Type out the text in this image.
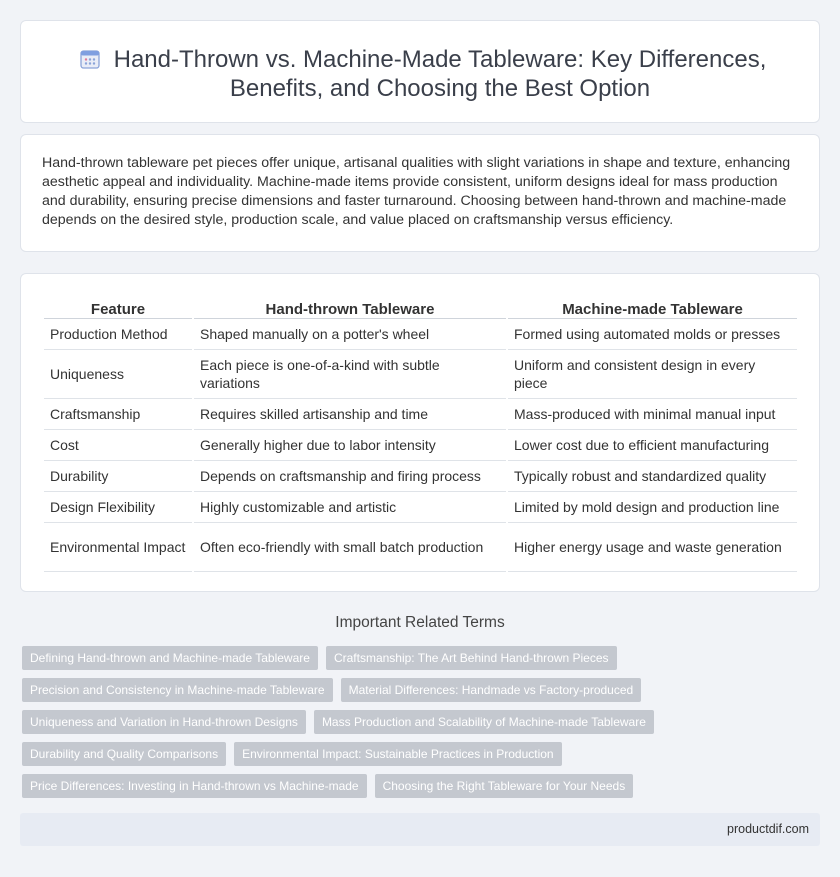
Hand-Thrown vs. Machine-Made Tableware: Key Differences, Benefits, and Choosing the Best Option

Hand-thrown tableware pet pieces offer unique, artisanal qualities with slight variations in shape and texture, enhancing aesthetic appeal and individuality. Machine-made items provide consistent, uniform designs ideal for mass production and durability, ensuring precise dimensions and faster turnaround. Choosing between hand-thrown and machine-made depends on the desired style, production scale, and value placed on craftsmanship versus efficiency.

Feature	Hand-thrown Tableware	Machine-made Tableware
Production Method	Shaped manually on a potter's wheel	Formed using automated molds or presses
Uniqueness	Each piece is one-of-a-kind with subtle variations	Uniform and consistent design in every piece
Craftsmanship	Requires skilled artisanship and time	Mass-produced with minimal manual input
Cost	Generally higher due to labor intensity	Lower cost due to efficient manufacturing
Durability	Depends on craftsmanship and firing process	Typically robust and standardized quality
Design Flexibility	Highly customizable and artistic	Limited by mold design and production line
Environmental Impact	Often eco-friendly with small batch production	Higher energy usage and waste generation
Important Related Terms
Defining Hand-thrown and Machine-made Tableware	Craftsmanship: The Art Behind Hand-thrown Pieces
Precision and Consistency in Machine-made Tableware	Material Differences: Handmade vs Factory-produced
Uniqueness and Variation in Hand-thrown Designs	Mass Production and Scalability of Machine-made Tableware
Durability and Quality Comparisons	Environmental Impact: Sustainable Practices in Production
Price Differences: Investing in Hand-thrown vs Machine-made	Choosing the Right Tableware for Your Needs
productdif.com
